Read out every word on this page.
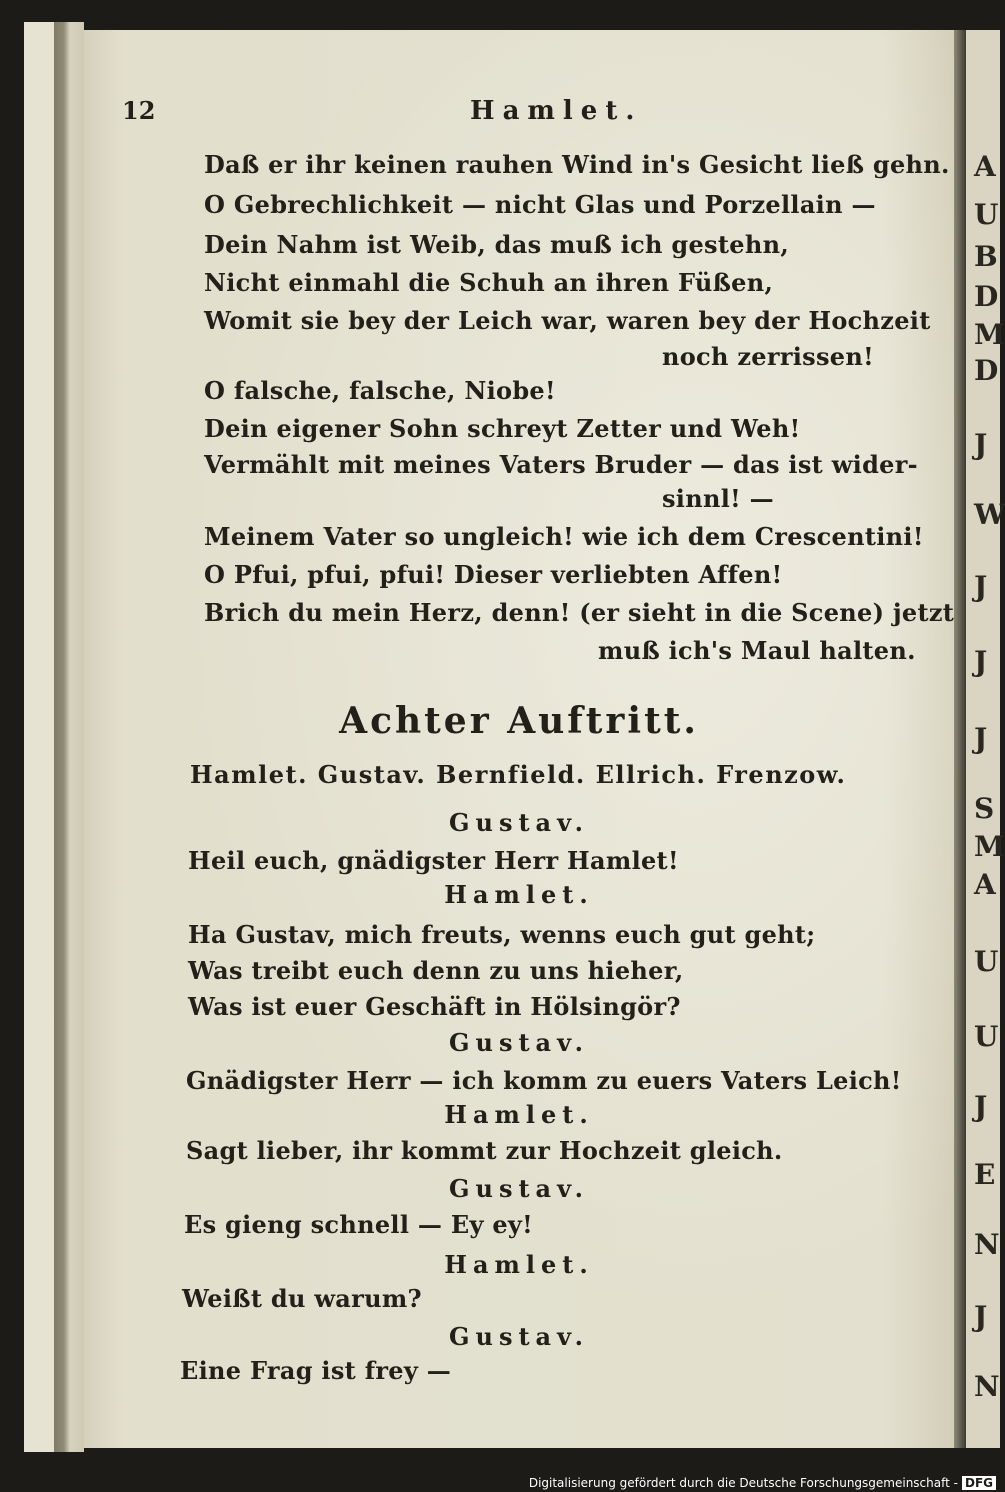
A
U
B
D
M
D
J
W
J
J
J
S
M
A
U
U
J
E
N
J
N
12	Hamlet.
Daß er ihr keinen rauhen Wind in's Gesicht ließ gehn.
O Gebrechlichkeit — nicht Glas und Porzellain —
Dein Nahm ist Weib, das muß ich gestehn,
Nicht einmahl die Schuh an ihren Füßen,
Womit sie bey der Leich war, waren bey der Hochzeit
noch zerrissen!
O falsche, falsche, Niobe!
Dein eigener Sohn schreyt Zetter und Weh!
Vermählt mit meines Vaters Bruder — das ist wider-
sinnl! —
Meinem Vater so ungleich! wie ich dem Crescentini!
O Pfui, pfui, pfui! Dieser verliebten Affen!
Brich du mein Herz, denn! (er sieht in die Scene) jetzt
muß ich's Maul halten.
Achter Auftritt.
Hamlet. Gustav. Bernfield. Ellrich. Frenzow.
Gustav.
Heil euch, gnädigster Herr Hamlet!
Hamlet.
Ha Gustav, mich freuts, wenns euch gut geht;
Was treibt euch denn zu uns hieher,
Was ist euer Geschäft in Hölsingör?
Gustav.
Gnädigster Herr — ich komm zu euers Vaters Leich!
Hamlet.
Sagt lieber, ihr kommt zur Hochzeit gleich.
Gustav.
Es gieng schnell — Ey ey!
Hamlet.
Weißt du warum?
Gustav.
Eine Frag ist frey —
Digitalisierung gefördert durch die Deutsche Forschungsgemeinschaft - DFG
